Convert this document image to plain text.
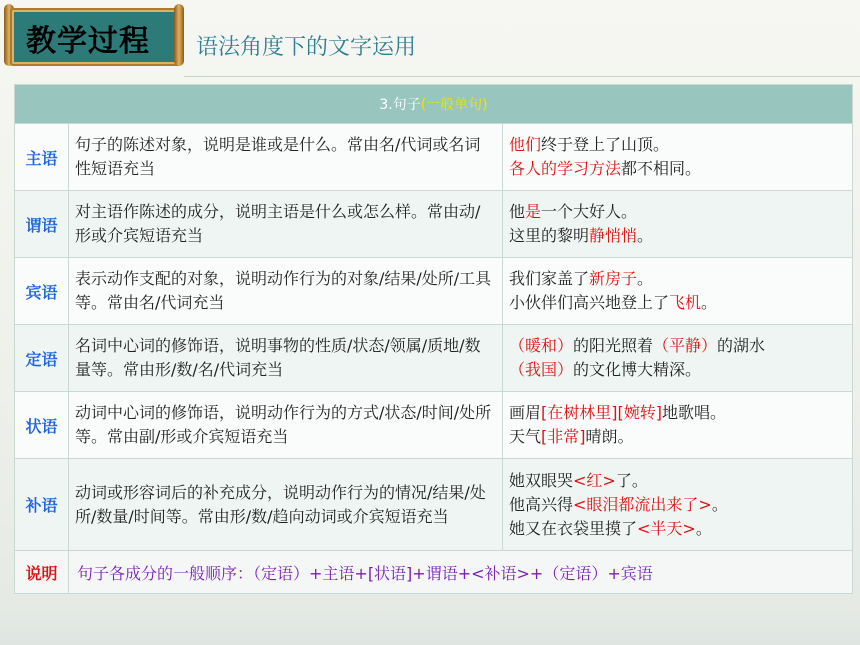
教学过程 语法角度下的文字运用
3.句子(一般单句)		
主语	句子的陈述对象，说明是谁或是什么。常由名/代词或名词性短语充当	他们终于登上了山顶。
各人的学习方法都不相同。

谓语	对主语作陈述的成分，说明主语是什么或怎么样。常由动/形或介宾短语充当	他是一个大好人。
这里的黎明静悄悄。

宾语	表示动作支配的对象，说明动作行为的对象/结果/处所/工具等。常由名/代词充当	我们家盖了新房子。
小伙伴们高兴地登上了飞机。

定语	名词中心词的修饰语，说明事物的性质/状态/领属/质地/数量等。常由形/数/名/代词充当	（暖和）的阳光照着（平静）的湖水
（我国）的文化博大精深。

状语	动词中心词的修饰语，说明动作行为的方式/状态/时间/处所等。常由副/形或介宾短语充当	画眉[在树林里][婉转]地歌唱。
天气[非常]晴朗。

补语	动词或形容词后的补充成分，说明动作行为的情况/结果/处所/数量/时间等。常由形/数/趋向动词或介宾短语充当	她双眼哭<红>了。
他高兴得<眼泪都流出来了>。
她又在衣袋里摸了<半天>。

说明	句子各成分的一般顺序：（定语）+主语+[状语]+谓语+<补语>+（定语）+宾语	
